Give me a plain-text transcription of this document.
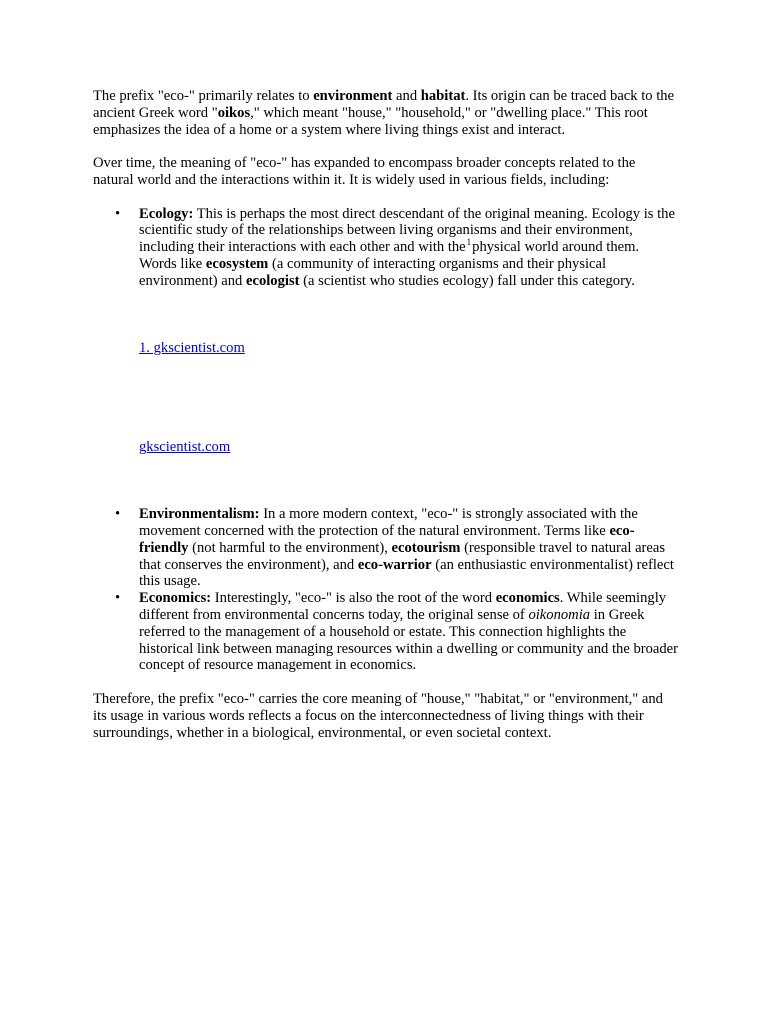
The prefix "eco-" primarily relates to environment and habitat. Its origin can be traced back to the ancient Greek word "oikos," which meant "house," "household," or "dwelling place." This root emphasizes the idea of a home or a system where living things exist and interact.

Over time, the meaning of "eco-" has expanded to encompass broader concepts related to the natural world and the interactions within it. It is widely used in various fields, including:

• Ecology: This is perhaps the most direct descendant of the original meaning. Ecology is the scientific study of the relationships between living organisms and their environment, including their interactions with each other and with the$^1$physical world around them. Words like ecosystem (a community of interacting organisms and their physical environment) and ecologist (a scientist who studies ecology) fall under this category.
1. gkscientist.com
gkscientist.com
• Environmentalism: In a more modern context, "eco-" is strongly associated with the movement concerned with the protection of the natural environment. Terms like eco-friendly (not harmful to the environment), ecotourism (responsible travel to natural areas that conserves the environment), and eco-warrior (an enthusiastic environmentalist) reflect this usage.
• Economics: Interestingly, "eco-" is also the root of the word economics. While seemingly different from environmental concerns today, the original sense of oikonomia in Greek referred to the management of a household or estate. This connection highlights the historical link between managing resources within a dwelling or community and the broader concept of resource management in economics.

Therefore, the prefix "eco-" carries the core meaning of "house," "habitat," or "environment," and its usage in various words reflects a focus on the interconnectedness of living things with their surroundings, whether in a biological, environmental, or even societal context.
